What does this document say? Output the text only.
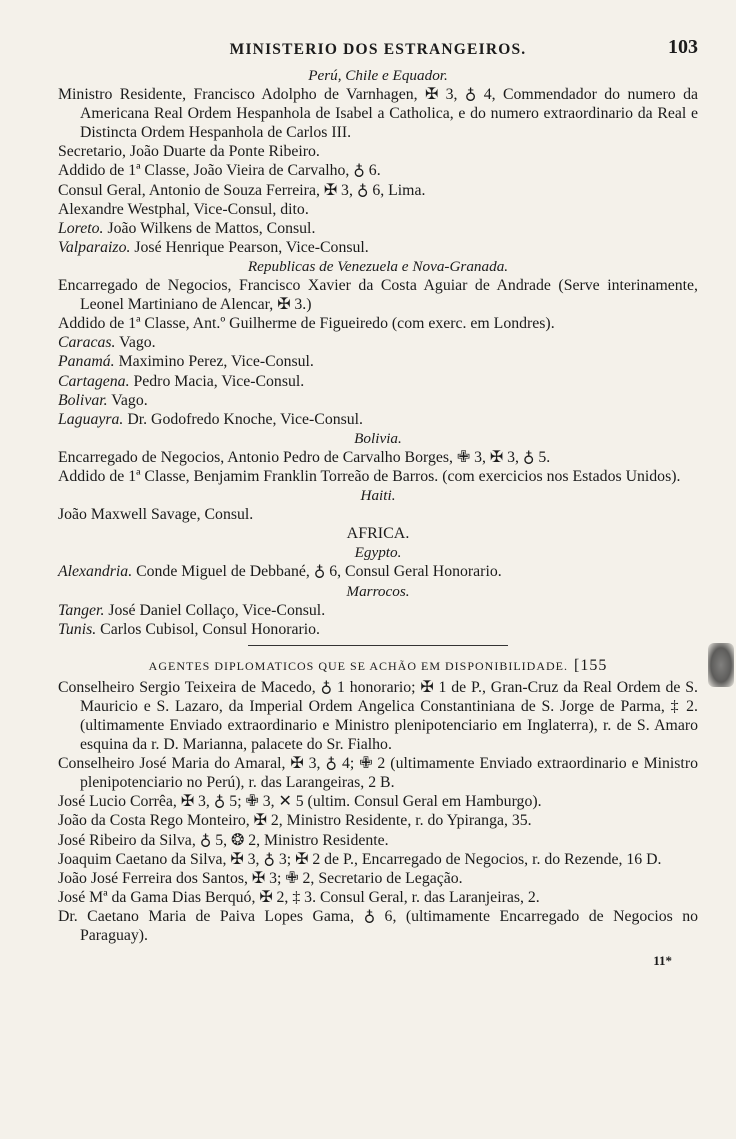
MINISTERIO DOS ESTRANGEIROS.	103
Perú, Chile e Equador.
Ministro Residente, Francisco Adolpho de Varnhagen, ✠ 3, ♁ 4, Commendador do numero da Americana Real Ordem Hespanhola de Isabel a Catholica, e do numero extraordinario da Real e Distincta Ordem Hespanhola de Carlos III.
Secretario, João Duarte da Ponte Ribeiro.
Addido de 1ª Classe, João Vieira de Carvalho, ♁ 6.
Consul Geral, Antonio de Souza Ferreira, ✠ 3, ♁ 6, Lima.
Alexandre Westphal, Vice-Consul, dito.
Loreto. João Wilkens de Mattos, Consul.
Valparaizo. José Henrique Pearson, Vice-Consul.
Republicas de Venezuela e Nova-Granada.
Encarregado de Negocios, Francisco Xavier da Costa Aguiar de Andrade (Serve interinamente, Leonel Martiniano de Alencar, ✠ 3.)
Addido de 1ª Classe, Ant.º Guilherme de Figueiredo (com exerc. em Londres).
Caracas. Vago.
Panamá. Maximino Perez, Vice-Consul.
Cartagena. Pedro Macia, Vice-Consul.
Bolivar. Vago.
Laguayra. Dr. Godofredo Knoche, Vice-Consul.
Bolivia.
Encarregado de Negocios, Antonio Pedro de Carvalho Borges, ✙ 3, ✠ 3, ♁ 5.
Addido de 1ª Classe, Benjamim Franklin Torreão de Barros. (com exercicios nos Estados Unidos).
Haiti.
João Maxwell Savage, Consul.
AFRICA.
Egypto.
Alexandria. Conde Miguel de Debbané, ♁ 6, Consul Geral Honorario.
Marrocos.
Tanger. José Daniel Collaço, Vice-Consul.
Tunis. Carlos Cubisol, Consul Honorario.
AGENTES DIPLOMATICOS QUE SE ACHÃO EM DISPONIBILIDADE. [155
Conselheiro Sergio Teixeira de Macedo, ♁ 1 honorario; ✠ 1 de P., Gran-Cruz da Real Ordem de S. Mauricio e S. Lazaro, da Imperial Ordem Angelica Constantiniana de S. Jorge de Parma, ‡ 2. (ultimamente Enviado extraordinario e Ministro plenipotenciario em Inglaterra), r. de S. Amaro esquina da r. D. Marianna, palacete do Sr. Fialho.
Conselheiro José Maria do Amaral, ✠ 3, ♁ 4; ✙ 2 (ultimamente Enviado extraordinario e Ministro plenipotenciario no Perú), r. das Larangeiras, 2 B.
José Lucio Corrêa, ✠ 3, ♁ 5; ✙ 3, ✕ 5 (ultim. Consul Geral em Hamburgo).
João da Costa Rego Monteiro, ✠ 2, Ministro Residente, r. do Ypiranga, 35.
José Ribeiro da Silva, ♁ 5, ❂ 2, Ministro Residente.
Joaquim Caetano da Silva, ✠ 3, ♁ 3; ✠ 2 de P., Encarregado de Negocios, r. do Rezende, 16 D.
João José Ferreira dos Santos, ✠ 3; ✙ 2, Secretario de Legação.
José Mª da Gama Dias Berquó, ✠ 2, ‡ 3. Consul Geral, r. das Laranjeiras, 2.
Dr. Caetano Maria de Paiva Lopes Gama, ♁ 6, (ultimamente Encarregado de Negocios no Paraguay).
11*
